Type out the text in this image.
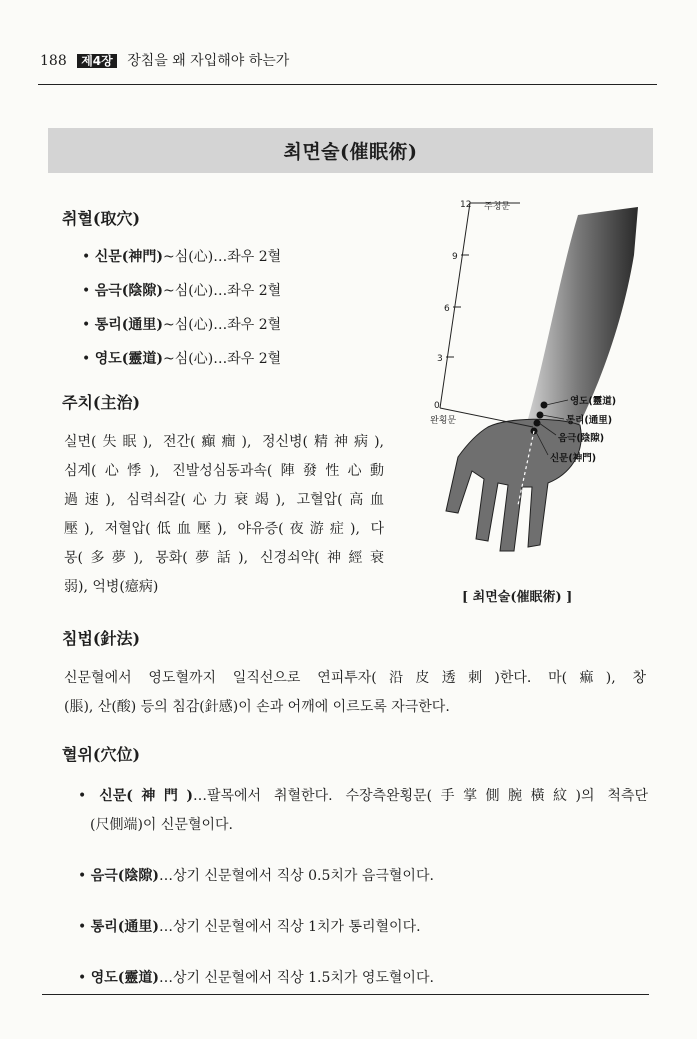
188 제4장 장침을 왜 자입해야 하는가
최면술(催眠術)
취혈(取穴)
• 신문(神門)~심(心)…좌우 2혈
• 음극(陰隙)~심(心)…좌우 2혈
• 통리(通里)~심(心)…좌우 2혈
• 영도(靈道)~심(心)…좌우 2혈
주치(主治)
실면(失眠), 전간(癲癎), 정신병(精神病),
심계(心悸), 진발성심동과속(陣發性心動
過速), 심력쇠갈(心力衰竭), 고혈압(高血
壓), 저혈압(低血壓), 야유증(夜游症), 다
몽(多夢), 몽화(夢話), 신경쇠약(神經衰
弱), 억병(癔病)
주청문
12
9
6
3
0
완횡문
영도(靈道)
통리(通里)
음극(陰隙)
신문(神門)
[ 최면술(催眠術) ]
침법(針法)
신문혈에서 영도혈까지 일직선으로 연피투자(沿皮透刺)한다. 마(痲), 창
(脹), 산(酸) 등의 침감(針感)이 손과 어깨에 이르도록 자극한다.
혈위(穴位)
• 신문(神門)…팔목에서 취혈한다. 수장측완횡문(手掌側腕橫紋)의 척측단
(尺側端)이 신문혈이다.
• 음극(陰隙)…상기 신문혈에서 직상 0.5치가 음극혈이다.
• 통리(通里)…상기 신문혈에서 직상 1치가 통리혈이다.
• 영도(靈道)…상기 신문혈에서 직상 1.5치가 영도혈이다.
